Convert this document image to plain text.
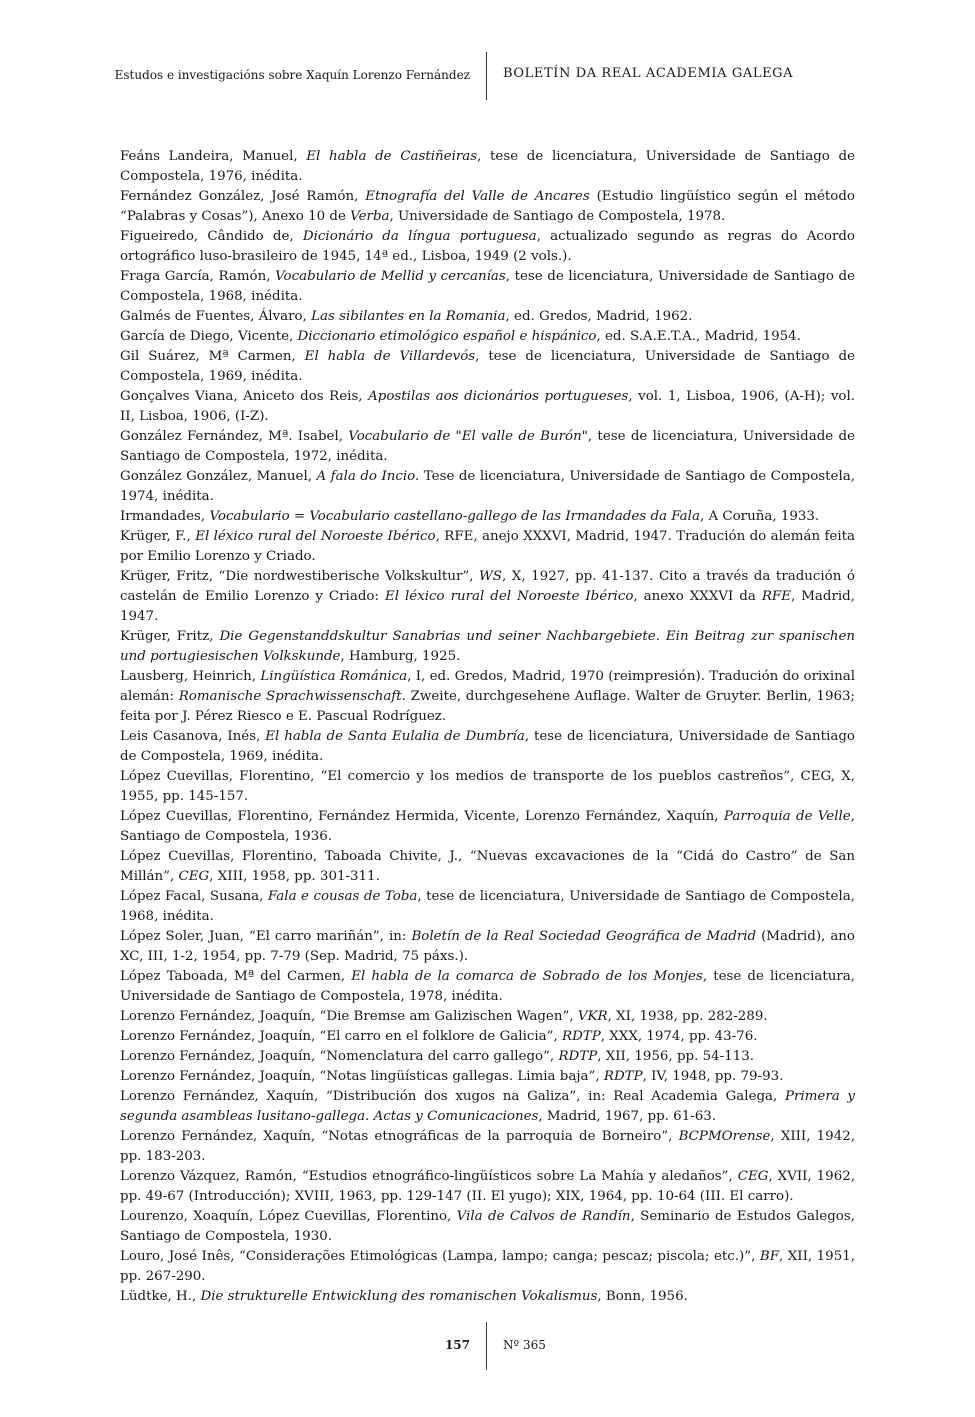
Estudos e investigacións sobre Xaquín Lorenzo Fernández	BOLETÍN DA REAL ACADEMIA GALEGA
Feáns Landeira, Manuel, El habla de Castiñeiras, tese de licenciatura, Universidade de Santiago de Compostela, 1976, inédita.
Fernández González, José Ramón, Etnografía del Valle de Ancares (Estudio lingüístico según el método “Palabras y Cosas”), Anexo 10 de Verba, Universidade de Santiago de Compostela, 1978.
Figueiredo, Cândido de, Dicionário da língua portuguesa, actualizado segundo as regras do Acordo ortográfico luso-brasileiro de 1945, 14ª ed., Lisboa, 1949 (2 vols.).
Fraga García, Ramón, Vocabulario de Mellid y cercanías, tese de licenciatura, Universidade de Santiago de Compostela, 1968, inédita.
Galmés de Fuentes, Álvaro, Las sibilantes en la Romania, ed. Gredos, Madrid, 1962.
García de Diego, Vicente, Diccionario etimológico español e hispánico, ed. S.A.E.T.A., Madrid, 1954.
Gil Suárez, Mª Carmen, El habla de Villardevós, tese de licenciatura, Universidade de Santiago de Compostela, 1969, inédita.
Gonçalves Viana, Aniceto dos Reis, Apostilas aos dicionários portugueses, vol. 1, Lisboa, 1906, (A-H); vol. II, Lisboa, 1906, (I-Z).
González Fernández, Mª. Isabel, Vocabulario de "El valle de Burón", tese de licenciatura, Universidade de Santiago de Compostela, 1972, inédita.
González González, Manuel, A fala do Incio. Tese de licenciatura, Universidade de Santiago de Compostela, 1974, inédita.
Irmandades, Vocabulario = Vocabulario castellano-gallego de las Irmandades da Fala, A Coruña, 1933.
Krüger, F., El léxico rural del Noroeste Ibérico, RFE, anejo XXXVI, Madrid, 1947. Tradución do alemán feita por Emilio Lorenzo y Criado.
Krüger, Fritz, “Die nordwestiberische Volkskultur”, WS, X, 1927, pp. 41-137. Cito a través da tradución ó castelán de Emilio Lorenzo y Criado: El léxico rural del Noroeste Ibérico, anexo XXXVI da RFE, Madrid, 1947.
Krüger, Fritz, Die Gegenstanddskultur Sanabrias und seiner Nachbargebiete. Ein Beitrag zur spanischen und portugiesischen Volkskunde, Hamburg, 1925.
Lausberg, Heinrich, Lingüística Románica, I, ed. Gredos, Madrid, 1970 (reimpresión). Tradución do orixinal alemán: Romanische Sprachwissenschaft. Zweite, durchgesehene Auflage. Walter de Gruyter. Berlin, 1963; feita por J. Pérez Riesco e E. Pascual Rodríguez.
Leis Casanova, Inés, El habla de Santa Eulalia de Dumbría, tese de licenciatura, Universidade de Santiago de Compostela, 1969, inédita.
López Cuevillas, Florentino, “El comercio y los medios de transporte de los pueblos castreños”, CEG, X, 1955, pp. 145-157.
López Cuevillas, Florentino, Fernández Hermida, Vicente, Lorenzo Fernández, Xaquín, Parroquia de Velle, Santiago de Compostela, 1936.
López Cuevillas, Florentino, Taboada Chivite, J., “Nuevas excavaciones de la “Cidá do Castro” de San Millán”, CEG, XIII, 1958, pp. 301-311.
López Facal, Susana, Fala e cousas de Toba, tese de licenciatura, Universidade de Santiago de Compostela, 1968, inédita.
López Soler, Juan, “El carro mariñán”, in: Boletín de la Real Sociedad Geográfica de Madrid (Madrid), ano XC, III, 1-2, 1954, pp. 7-79 (Sep. Madrid, 75 páxs.).
López Taboada, Mª del Carmen, El habla de la comarca de Sobrado de los Monjes, tese de licenciatura, Universidade de Santiago de Compostela, 1978, inédita.
Lorenzo Fernández, Joaquín, “Die Bremse am Galizischen Wagen”, VKR, XI, 1938, pp. 282-289.
Lorenzo Fernández, Joaquín, “El carro en el folklore de Galicia”, RDTP, XXX, 1974, pp. 43-76.
Lorenzo Fernández, Joaquín, “Nomenclatura del carro gallego”, RDTP, XII, 1956, pp. 54-113.
Lorenzo Fernández, Joaquín, “Notas lingüísticas gallegas. Limia baja”, RDTP, IV, 1948, pp. 79-93.
Lorenzo Fernández, Xaquín, “Distribución dos xugos na Galiza”, in: Real Academia Galega, Primera y segunda asambleas lusitano-gallega. Actas y Comunicaciones, Madrid, 1967, pp. 61-63.
Lorenzo Fernández, Xaquín, “Notas etnográficas de la parroquia de Borneiro”, BCPMOrense, XIII, 1942, pp. 183-203.
Lorenzo Vázquez, Ramón, “Estudios etnográfico-lingüísticos sobre La Mahía y aledaños”, CEG, XVII, 1962, pp. 49-67 (Introducción); XVIII, 1963, pp. 129-147 (II. El yugo); XIX, 1964, pp. 10-64 (III. El carro).
Lourenzo, Xoaquín, López Cuevillas, Florentino, Vila de Calvos de Randín, Seminario de Estudos Galegos, Santiago de Compostela, 1930.
Louro, José Inês, “Considerações Etimológicas (Lampa, lampo; canga; pescaz; piscola; etc.)”, BF, XII, 1951, pp. 267-290.
Lüdtke, H., Die strukturelle Entwicklung des romanischen Vokalismus, Bonn, 1956.
157	Nº 365
